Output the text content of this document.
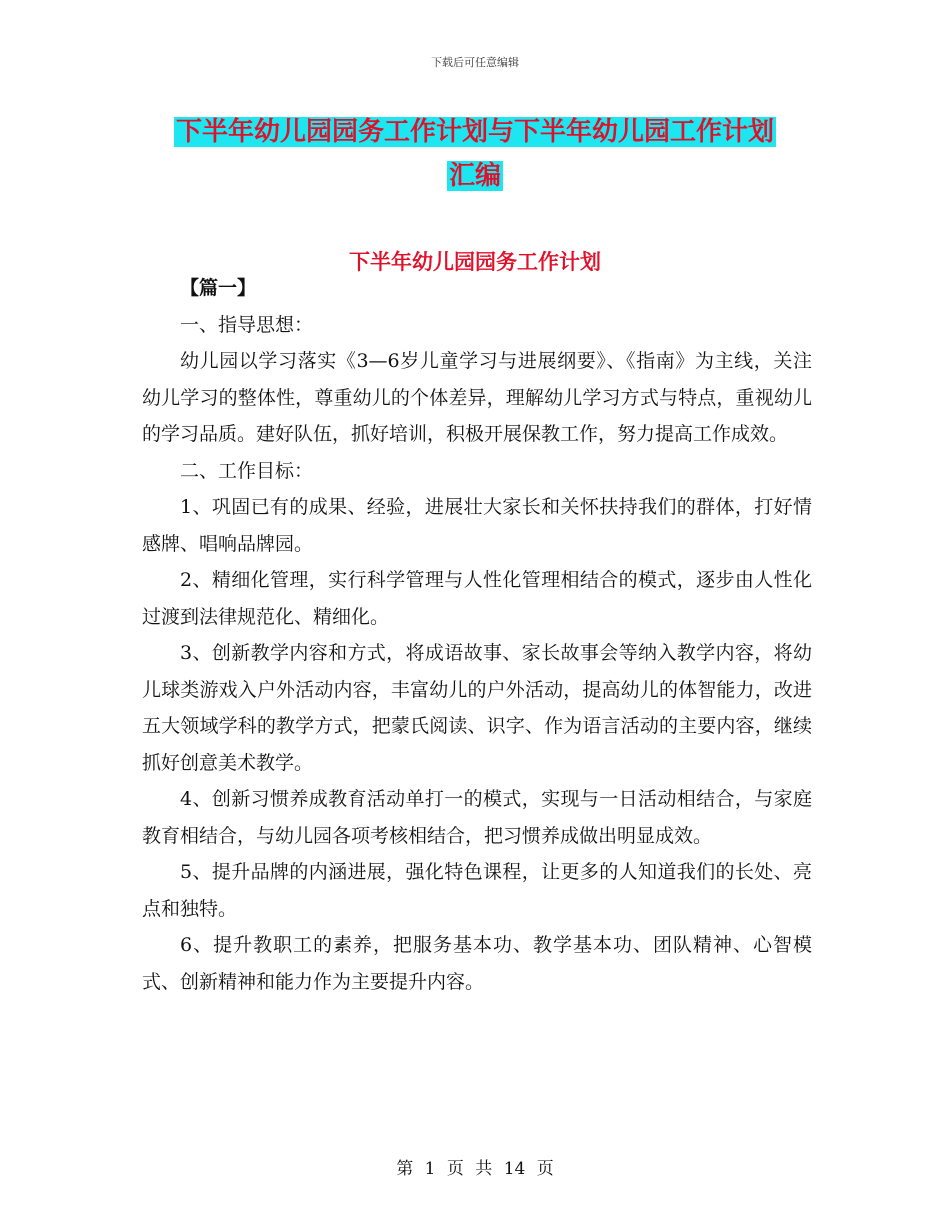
下载后可任意编辑
下半年幼儿园园务工作计划与下半年幼儿园工作计划
汇编
下半年幼儿园园务工作计划

【篇一】

一、指导思想：

幼儿园以学习落实《3—6岁儿童学习与进展纲要》、《指南》为主线，关注幼儿学习的整体性，尊重幼儿的个体差异，理解幼儿学习方式与特点，重视幼儿的学习品质。建好队伍，抓好培训，积极开展保教工作，努力提高工作成效。

二、工作目标：

1、巩固已有的成果、经验，进展壮大家长和关怀扶持我们的群体，打好情感牌、唱响品牌园。

2、精细化管理，实行科学管理与人性化管理相结合的模式，逐步由人性化过渡到法律规范化、精细化。

3、创新教学内容和方式，将成语故事、家长故事会等纳入教学内容，将幼儿球类游戏入户外活动内容，丰富幼儿的户外活动，提高幼儿的体智能力，改进五大领域学科的教学方式，把蒙氏阅读、识字、作为语言活动的主要内容，继续抓好创意美术教学。

4、创新习惯养成教育活动单打一的模式，实现与一日活动相结合，与家庭教育相结合，与幼儿园各项考核相结合，把习惯养成做出明显成效。

5、提升品牌的内涵进展，强化特色课程，让更多的人知道我们的长处、亮点和独特。

6、提升教职工的素养，把服务基本功、教学基本功、团队精神、心智模式、创新精神和能力作为主要提升内容。

第 1 页 共 14 页
